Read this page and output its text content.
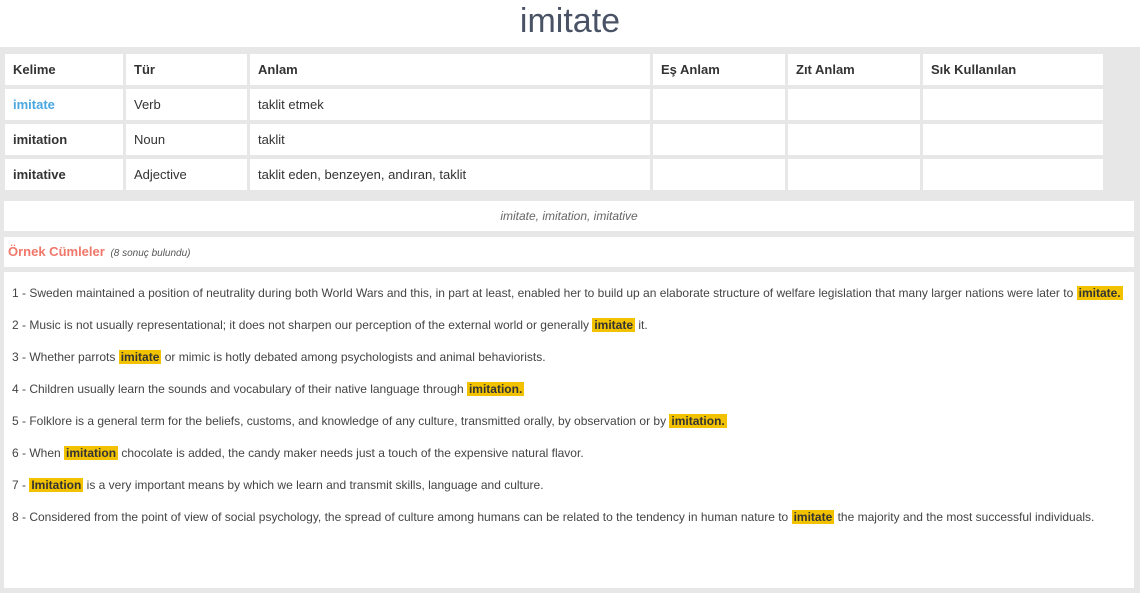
imitate
Kelime	Tür	Anlam	Eş Anlam	Zıt Anlam	Sık Kullanılan
imitate	Verb	taklit etmek			
imitation	Noun	taklit			
imitative	Adjective	taklit eden, benzeyen, andıran, taklit			
imitate, imitation, imitative
Örnek Cümleler (8 sonuç bulundu)

1 - Sweden maintained a position of neutrality during both World Wars and this, in part at least, enabled her to build up an elaborate structure of welfare legislation that many larger nations were later to imitate.

2 - Music is not usually representational; it does not sharpen our perception of the external world or generally imitate it.

3 - Whether parrots imitate or mimic is hotly debated among psychologists and animal behaviorists.

4 - Children usually learn the sounds and vocabulary of their native language through imitation.

5 - Folklore is a general term for the beliefs, customs, and knowledge of any culture, transmitted orally, by observation or by imitation.

6 - When imitation chocolate is added, the candy maker needs just a touch of the expensive natural flavor.

7 - Imitation is a very important means by which we learn and transmit skills, language and culture.

8 - Considered from the point of view of social psychology, the spread of culture among humans can be related to the tendency in human nature to imitate the majority and the most successful individuals.
